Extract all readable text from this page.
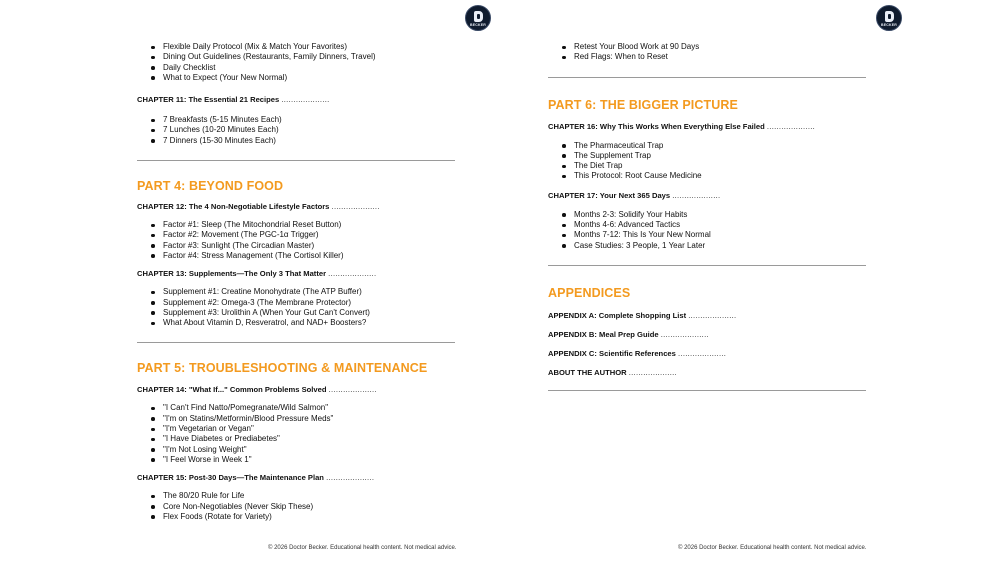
BECKER
Flexible Daily Protocol (Mix & Match Your Favorites)
Dining Out Guidelines (Restaurants, Family Dinners, Travel)
Daily Checklist
What to Expect (Your New Normal)

CHAPTER 11: The Essential 21 Recipes ....................

7 Breakfasts (5-15 Minutes Each)
7 Lunches (10-20 Minutes Each)
7 Dinners (15-30 Minutes Each)

PART 4: BEYOND FOOD

CHAPTER 12: The 4 Non-Negotiable Lifestyle Factors ....................

Factor #1: Sleep (The Mitochondrial Reset Button)
Factor #2: Movement (The PGC-1α Trigger)
Factor #3: Sunlight (The Circadian Master)
Factor #4: Stress Management (The Cortisol Killer)

CHAPTER 13: Supplements—The Only 3 That Matter ....................

Supplement #1: Creatine Monohydrate (The ATP Buffer)
Supplement #2: Omega-3 (The Membrane Protector)
Supplement #3: Urolithin A (When Your Gut Can't Convert)
What About Vitamin D, Resveratrol, and NAD+ Boosters?

PART 5: TROUBLESHOOTING & MAINTENANCE

CHAPTER 14: "What If..." Common Problems Solved ....................

"I Can't Find Natto/Pomegranate/Wild Salmon"
"I'm on Statins/Metformin/Blood Pressure Meds"
"I'm Vegetarian or Vegan"
"I Have Diabetes or Prediabetes"
"I'm Not Losing Weight"
"I Feel Worse in Week 1"

CHAPTER 15: Post-30 Days—The Maintenance Plan ....................

The 80/20 Rule for Life
Core Non-Negotiables (Never Skip These)
Flex Foods (Rotate for Variety)
© 2026 Doctor Becker. Educational health content. Not medical advice.
BECKER
Retest Your Blood Work at 90 Days
Red Flags: When to Reset

PART 6: THE BIGGER PICTURE

CHAPTER 16: Why This Works When Everything Else Failed ....................

The Pharmaceutical Trap
The Supplement Trap
The Diet Trap
This Protocol: Root Cause Medicine

CHAPTER 17: Your Next 365 Days ....................

Months 2-3: Solidify Your Habits
Months 4-6: Advanced Tactics
Months 7-12: This Is Your New Normal
Case Studies: 3 People, 1 Year Later

APPENDICES

APPENDIX A: Complete Shopping List ....................

APPENDIX B: Meal Prep Guide ....................

APPENDIX C: Scientific References ....................

ABOUT THE AUTHOR ....................

© 2026 Doctor Becker. Educational health content. Not medical advice.
